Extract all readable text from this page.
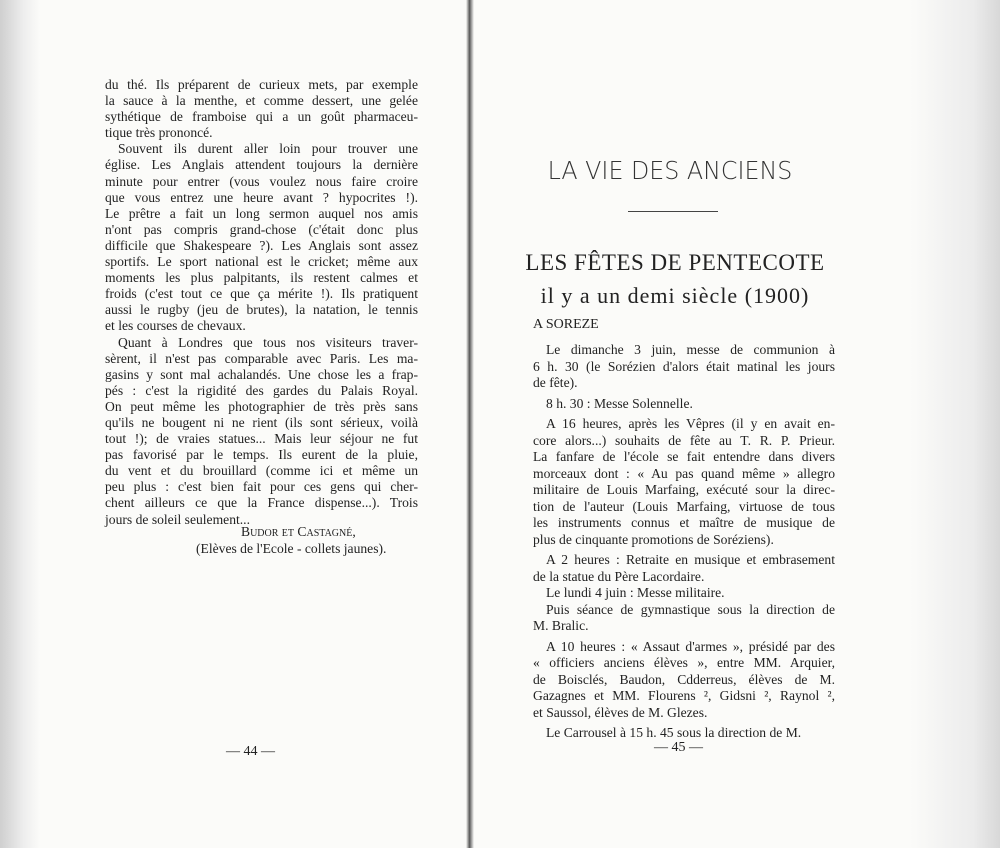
du thé. Ils préparent de curieux mets, par exemple
la sauce à la menthe, et comme dessert, une gelée
sythétique de framboise qui a un goût pharmaceu-
tique très prononcé.
Souvent ils durent aller loin pour trouver une
église. Les Anglais attendent toujours la dernière
minute pour entrer (vous voulez nous faire croire
que vous entrez une heure avant ? hypocrites !).
Le prêtre a fait un long sermon auquel nos amis
n'ont pas compris grand-chose (c'était donc plus
difficile que Shakespeare ?). Les Anglais sont assez
sportifs. Le sport national est le cricket; même aux
moments les plus palpitants, ils restent calmes et
froids (c'est tout ce que ça mérite !). Ils pratiquent
aussi le rugby (jeu de brutes), la natation, le tennis
et les courses de chevaux.
Quant à Londres que tous nos visiteurs traver-
sèrent, il n'est pas comparable avec Paris. Les ma-
gasins y sont mal achalandés. Une chose les a frap-
pés : c'est la rigidité des gardes du Palais Royal.
On peut même les photographier de très près sans
qu'ils ne bougent ni ne rient (ils sont sérieux, voilà
tout !); de vraies statues... Mais leur séjour ne fut
pas favorisé par le temps. Ils eurent de la pluie,
du vent et du brouillard (comme ici et même un
peu plus : c'est bien fait pour ces gens qui cher-
chent ailleurs ce que la France dispense...). Trois
jours de soleil seulement...
Budor et Castagné,
(Elèves de l'Ecole - collets jaunes).
— 44 —
LA VIE DES ANCIENS
LES FÊTES DE PENTECOTE
il y a un demi siècle (1900)
A SOREZE
Le dimanche 3 juin, messe de communion à
6 h. 30 (le Sorézien d'alors était matinal les jours
de fête).
8 h. 30 : Messe Solennelle.
A 16 heures, après les Vêpres (il y en avait en-
core alors...) souhaits de fête au T. R. P. Prieur.
La fanfare de l'école se fait entendre dans divers
morceaux dont : « Au pas quand même » allegro
militaire de Louis Marfaing, exécuté sour la direc-
tion de l'auteur (Louis Marfaing, virtuose de tous
les instruments connus et maître de musique de
plus de cinquante promotions de Soréziens).
A 2 heures : Retraite en musique et embrasement
de la statue du Père Lacordaire.
Le lundi 4 juin : Messe militaire.
Puis séance de gymnastique sous la direction de
M. Bralic.
A 10 heures : « Assaut d'armes », présidé par des
« officiers anciens élèves », entre MM. Arquier,
de Boisclés, Baudon, Cdderreus, élèves de M.
Gazagnes et MM. Flourens ², Gidsni ², Raynol ²,
et Saussol, élèves de M. Glezes.
Le Carrousel à 15 h. 45 sous la direction de M.
— 45 —
